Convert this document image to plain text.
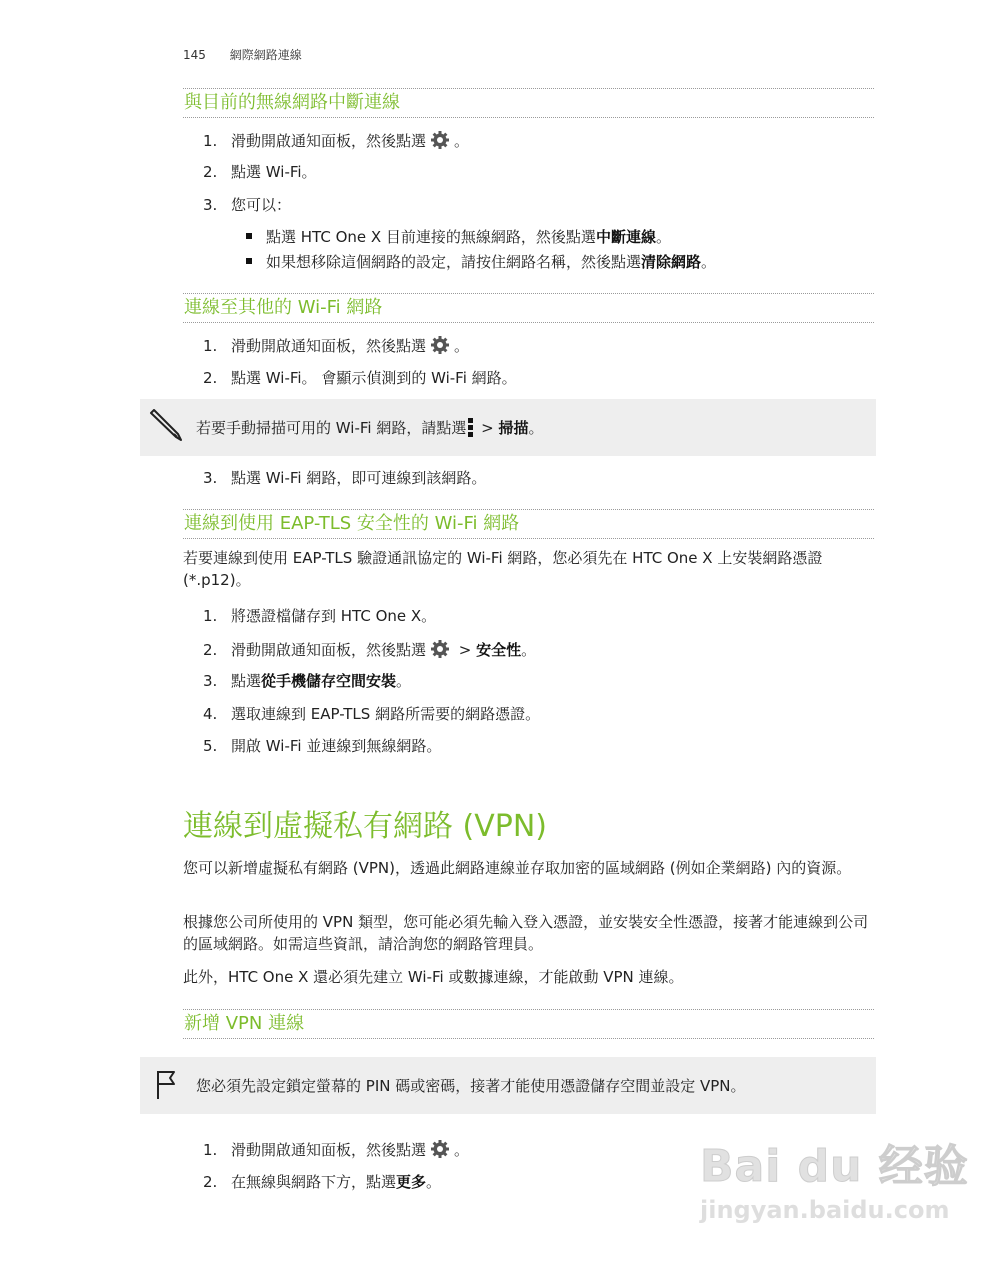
145 網際網路連線
與目前的無線網路中斷連線
1. 滑動開啟通知面板，然後點選 。
2. 點選 Wi-Fi。
3. 您可以：
點選 HTC One X 目前連接的無線網路，然後點選中斷連線。
如果想移除這個網路的設定，請按住網路名稱，然後點選清除網路。
連線至其他的 Wi-Fi 網路
1. 滑動開啟通知面板，然後點選 。
2. 點選 Wi-Fi。 會顯示偵測到的 Wi-Fi 網路。
若要手動掃描可用的 Wi-Fi 網路，請點選 > 掃描。
3. 點選 Wi-Fi 網路，即可連線到該網路。
連線到使用 EAP-TLS 安全性的 Wi-Fi 網路
若要連線到使用 EAP-TLS 驗證通訊協定的 Wi-Fi 網路，您必須先在 HTC One X 上安裝網路憑證 (*.p12)。
1. 將憑證檔儲存到 HTC One X。
2. 滑動開啟通知面板，然後點選 > 安全性。
3. 點選從手機儲存空間安裝。
4. 選取連線到 EAP-TLS 網路所需要的網路憑證。
5. 開啟 Wi-Fi 並連線到無線網路。
連線到虛擬私有網路 (VPN)
您可以新增虛擬私有網路 (VPN)，透過此網路連線並存取加密的區域網路 (例如企業網路) 內的資源。
根據您公司所使用的 VPN 類型，您可能必須先輸入登入憑證，並安裝安全性憑證，接著才能連線到公司的區域網路。如需這些資訊，請洽詢您的網路管理員。
此外，HTC One X 還必須先建立 Wi-Fi 或數據連線，才能啟動 VPN 連線。
新增 VPN 連線
您必須先設定鎖定螢幕的 PIN 碼或密碼，接著才能使用憑證儲存空間並設定 VPN。
1. 滑動開啟通知面板，然後點選 。
2. 在無線與網路下方，點選更多。	Bai du 经验
jingyan.baidu.com
